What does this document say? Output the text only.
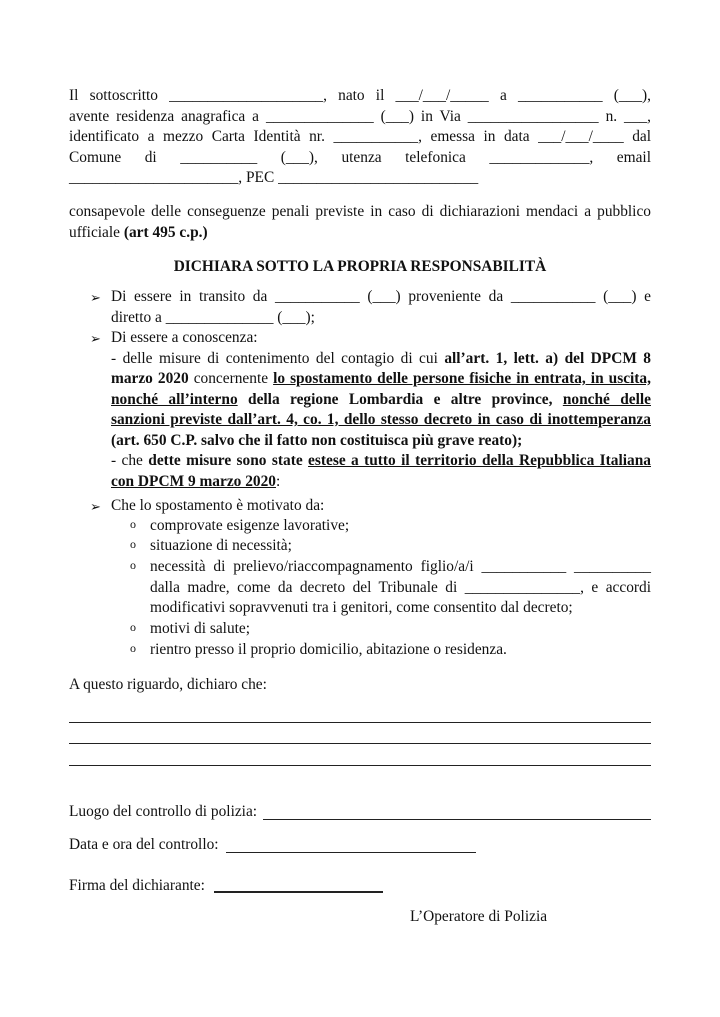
Il sottoscritto ____________________, nato il ___/___/_____ a ___________ (___),
avente residenza anagrafica a ______________ (___) in Via _________________ n. ___,
identificato a mezzo Carta Identità nr. ___________, emessa in data ___/___/____ dal
Comune di __________ (___), utenza telefonica _____________, email
______________________, PEC __________________________
consapevole delle conseguenze penali previste in caso di dichiarazioni mendaci a pubblico
ufficiale (art 495 c.p.)
DICHIARA SOTTO LA PROPRIA RESPONSABILITÀ
➢ Di essere in transito da ___________ (___) proveniente da ___________ (___) e
diretto a ______________ (___);
➢ Di essere a conoscenza:
- delle misure di contenimento del contagio di cui all’art. 1, lett. a) del DPCM 8
marzo 2020 concernente lo spostamento delle persone fisiche in entrata, in uscita,
nonché all’interno della regione Lombardia e altre province, nonché delle
sanzioni previste dall’art. 4, co. 1, dello stesso decreto in caso di inottemperanza
(art. 650 C.P. salvo che il fatto non costituisca più grave reato);
- che dette misure sono state estese a tutto il territorio della Repubblica Italiana
con DPCM 9 marzo 2020:
➢ Che lo spostamento è motivato da:
o comprovate esigenze lavorative;
o situazione di necessità;
o necessità di prelievo/riaccompagnamento figlio/a/i ___________ __________
dalla madre, come da decreto del Tribunale di _______________, e accordi
modificativi sopravvenuti tra i genitori, come consentito dal decreto;
o motivi di salute;
o rientro presso il proprio domicilio, abitazione o residenza.
A questo riguardo, dichiaro che:
Luogo del controllo di polizia:
Data e ora del controllo:
Firma del dichiarante:
L’Operatore di Polizia
